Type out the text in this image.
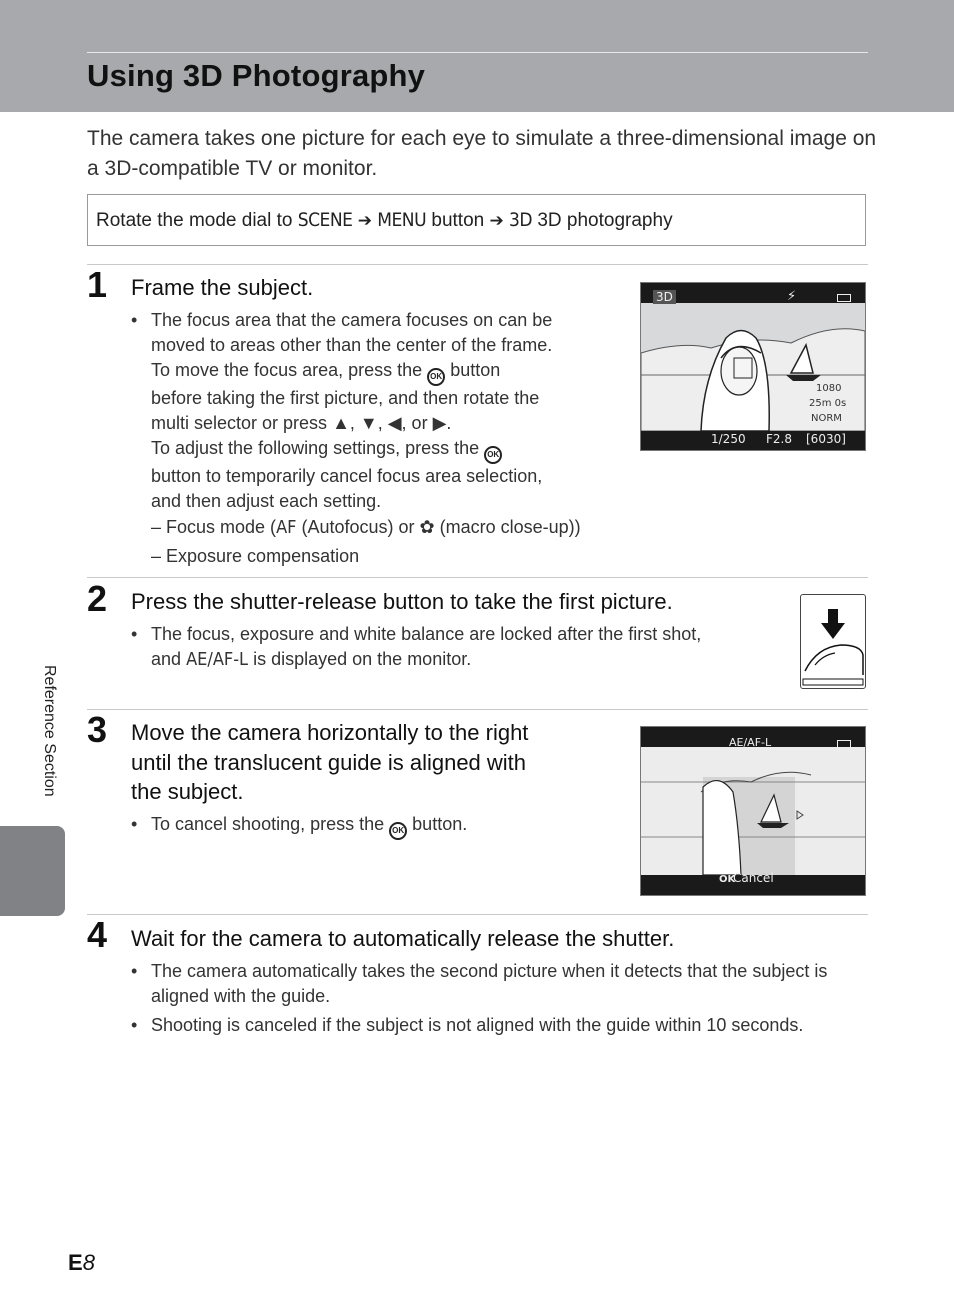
Using 3D Photography

The camera takes one picture for each eye to simulate a three-dimensional image on a 3D-compatible TV or monitor.

Rotate the mode dial to SCENE ➔ MENU button ➔ 3D 3D photography
1 Frame the subject.

• The focus area that the camera focuses on can be
moved to areas other than the center of the frame.
To move the focus area, press the OK button
before taking the first picture, and then rotate the
multi selector or press ▲, ▼, ◀, or ▶.
To adjust the following settings, press the OK
button to temporarily cancel focus area selection,
and then adjust each setting.

– Focus mode (AF (Autofocus) or ✿ (macro close-up))

– Exposure compensation

3D	⚡
1/250 F2.8 [6030]
1080
25m 0s
NORM
2 Press the shutter-release button to take the first picture.

• The focus, exposure and white balance are locked after the first shot,
and AE/AF-L is displayed on the monitor.
3 Move the camera horizontally to the right
until the translucent guide is aligned with
the subject.
• To cancel shooting, press the OK button.
AE/AF-L
OK
Cancel
4 Wait for the camera to automatically release the shutter.

• The camera automatically takes the second picture when it detects that the subject is
aligned with the guide.
• Shooting is canceled if the subject is not aligned with the guide within 10 seconds.
Reference Section
E8
